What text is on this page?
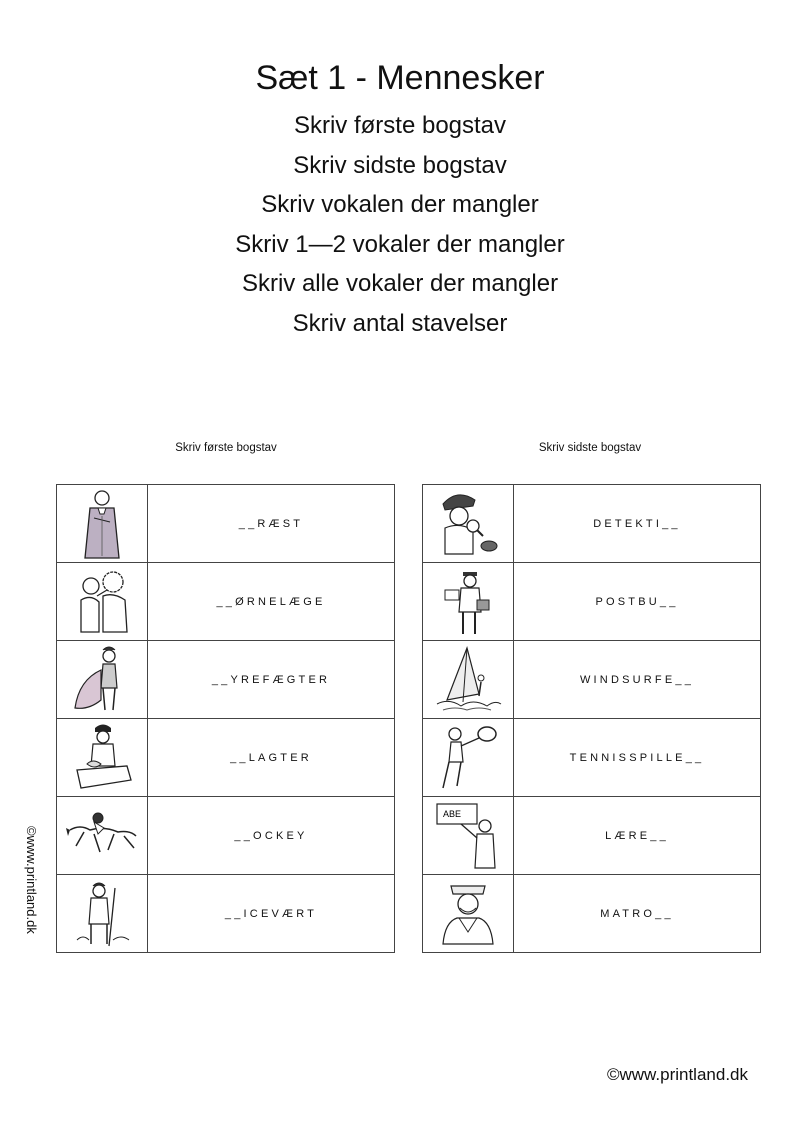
Sæt 1 - Mennesker
Skriv første bogstav
Skriv sidste bogstav
Skriv vokalen der mangler
Skriv 1—2 vokaler der mangler
Skriv alle vokaler der mangler
Skriv antal stavelser
Skriv første bogstav	Skriv sidste bogstav
	__RÆST

	__ØRNELÆGE

	__YREFÆGTER

	__LAGTER

	__OCKEY

	__ICEVÆRT
	DETEKTI__

	POSTBU__

	WINDSURFE__

	TENNISSPILLE__

ABE	LÆRE__

	MATRO__
©www.printland.dk
©www.printland.dk
